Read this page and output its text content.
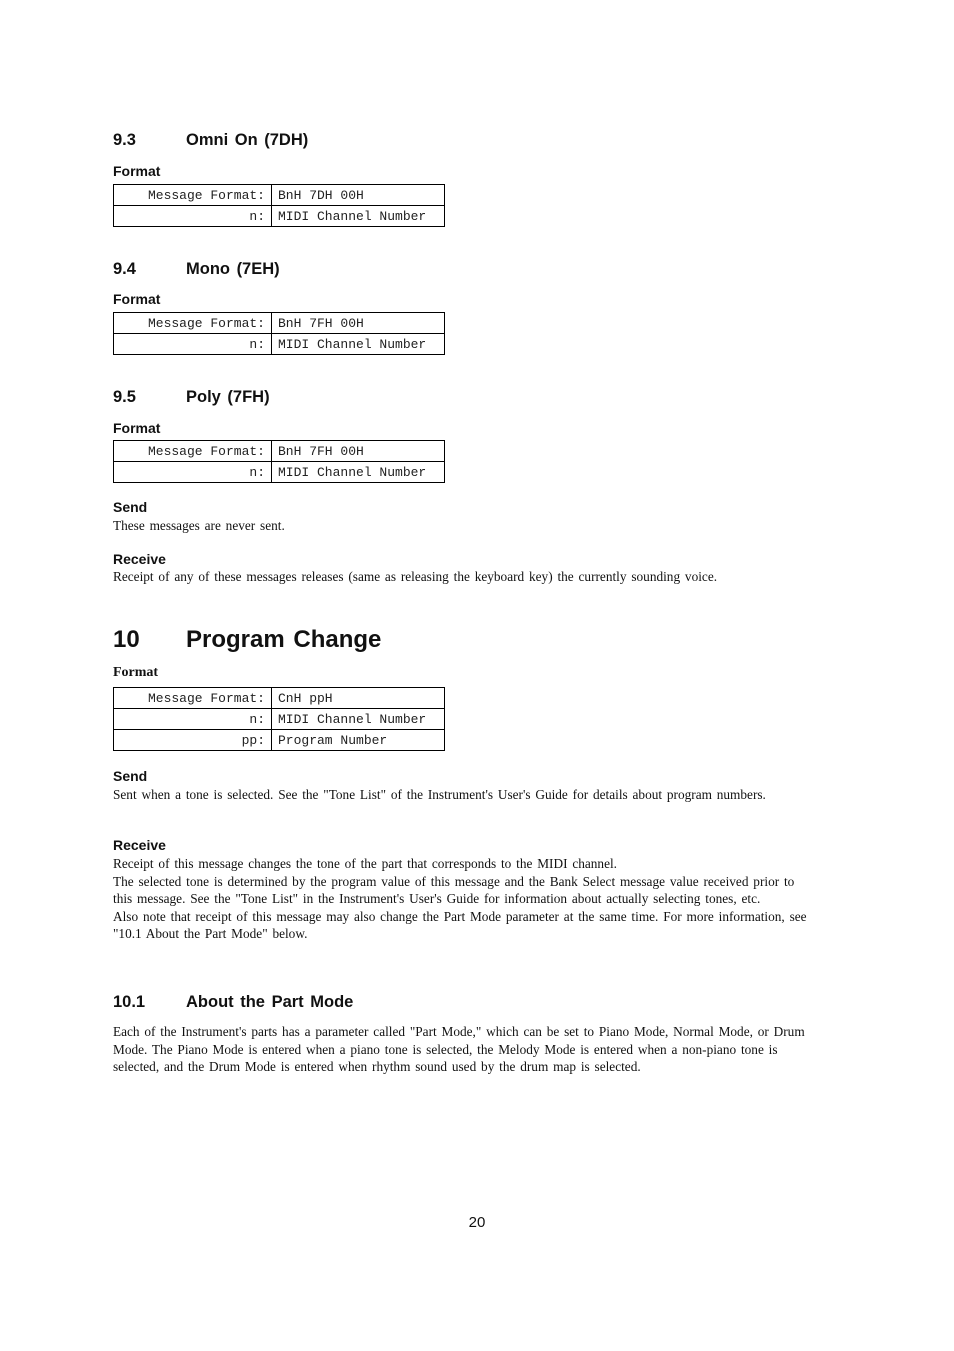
9.3	Omni On (7DH)
Format
Message Format:	BnH 7DH 00H
n:	MIDI Channel Number
9.4	Mono (7EH)
Format
Message Format:	BnH 7FH 00H
n:	MIDI Channel Number
9.5	Poly (7FH)
Format
Message Format:	BnH 7FH 00H
n:	MIDI Channel Number
Send

These messages are never sent.

Receive

Receipt of any of these messages releases (same as releasing the keyboard key) the currently sounding voice.

10 Program Change
Format
Message Format:	CnH ppH
n:	MIDI Channel Number
pp:	Program Number
Send

Sent when a tone is selected. See the "Tone List" of the Instrument's User's Guide for details about program numbers.

Receive
Receipt of this message changes the tone of the part that corresponds to the MIDI channel.
The selected tone is determined by the program value of this message and the Bank Select message value received prior to this message. See the "Tone List" in the Instrument's User's Guide for information about actually selecting tones, etc.
Also note that receipt of this message may also change the Part Mode parameter at the same time. For more information, see "10.1 About the Part Mode" below.
10.1 About the Part Mode

Each of the Instrument's parts has a parameter called "Part Mode," which can be set to Piano Mode, Normal Mode, or Drum Mode. The Piano Mode is entered when a piano tone is selected, the Melody Mode is entered when a non-piano tone is selected, and the Drum Mode is entered when rhythm sound used by the drum map is selected.

20
